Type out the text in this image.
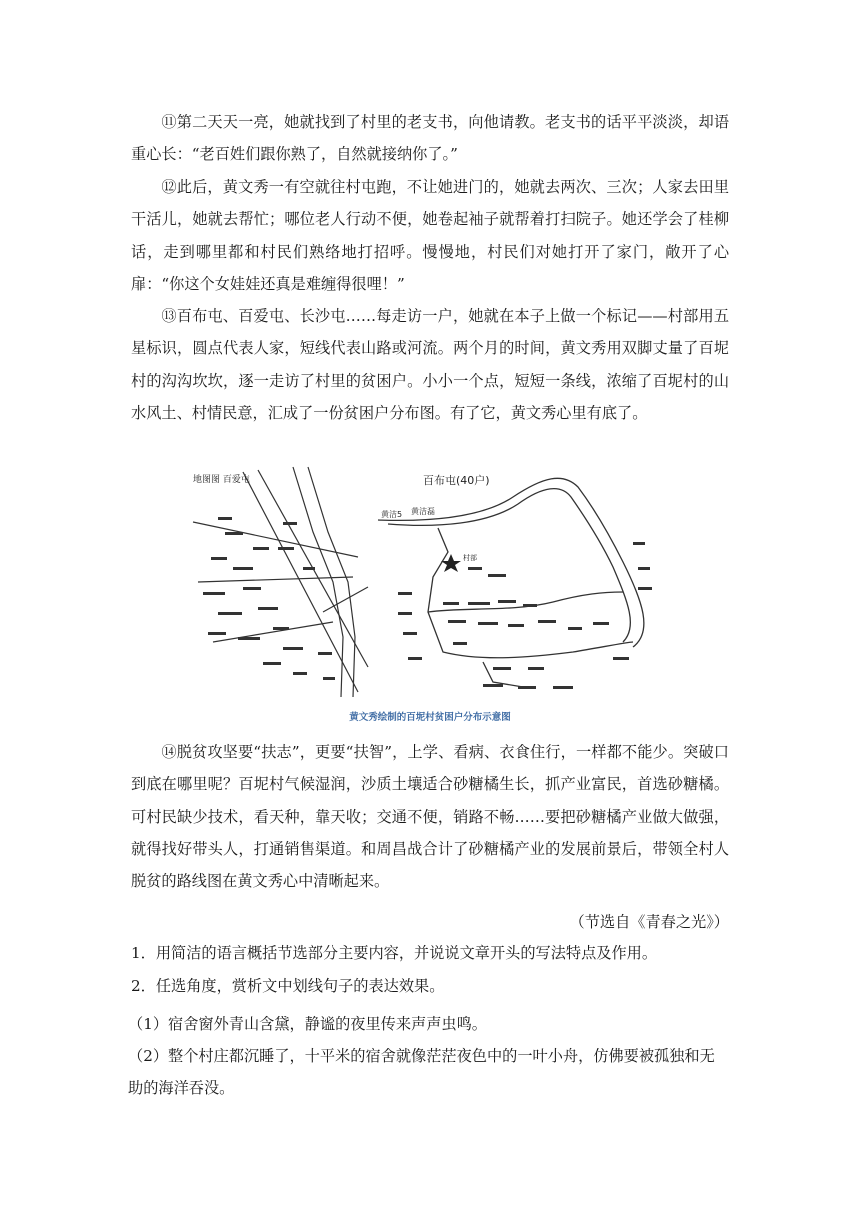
⑪第二天天一亮，她就找到了村里的老支书，向他请教。老支书的话平平淡淡，却语重心长：“老百姓们跟你熟了，自然就接纳你了。”

⑫此后，黄文秀一有空就往村屯跑，不让她进门的，她就去两次、三次；人家去田里干活儿，她就去帮忙；哪位老人行动不便，她卷起袖子就帮着打扫院子。她还学会了桂柳话，走到哪里都和村民们熟络地打招呼。慢慢地，村民们对她打开了家门，敞开了心扉：“你这个女娃娃还真是难缠得很哩！”

⑬百布屯、百爱屯、长沙屯……每走访一户，她就在本子上做一个标记——村部用五星标识，圆点代表人家，短线代表山路或河流。两个月的时间，黄文秀用双脚丈量了百坭村的沟沟坎坎，逐一走访了村里的贫困户。小小一个点，短短一条线，浓缩了百坭村的山水风土、村情民意，汇成了一份贫困户分布图。有了它，黄文秀心里有底了。

地图图 百爱屯	百布屯(40户)
黄洁5 黄洁磊
村部
黄文秀绘制的百坭村贫困户分布示意图

⑭脱贫攻坚要“扶志”，更要“扶智”，上学、看病、衣食住行，一样都不能少。突破口到底在哪里呢？百坭村气候湿润，沙质土壤适合砂糖橘生长，抓产业富民，首选砂糖橘。可村民缺少技术，看天种，靠天收；交通不便，销路不畅……要把砂糖橘产业做大做强，就得找好带头人，打通销售渠道。和周昌战合计了砂糖橘产业的发展前景后，带领全村人脱贫的路线图在黄文秀心中清晰起来。

（节选自《青春之光》）

1．用简洁的语言概括节选部分主要内容，并说说文章开头的写法特点及作用。

2．任选角度，赏析文中划线句子的表达效果。

（1）宿舍窗外青山含黛，静谧的夜里传来声声虫鸣。

（2）整个村庄都沉睡了，十平米的宿舍就像茫茫夜色中的一叶小舟，仿佛要被孤独和无助的海洋吞没。
